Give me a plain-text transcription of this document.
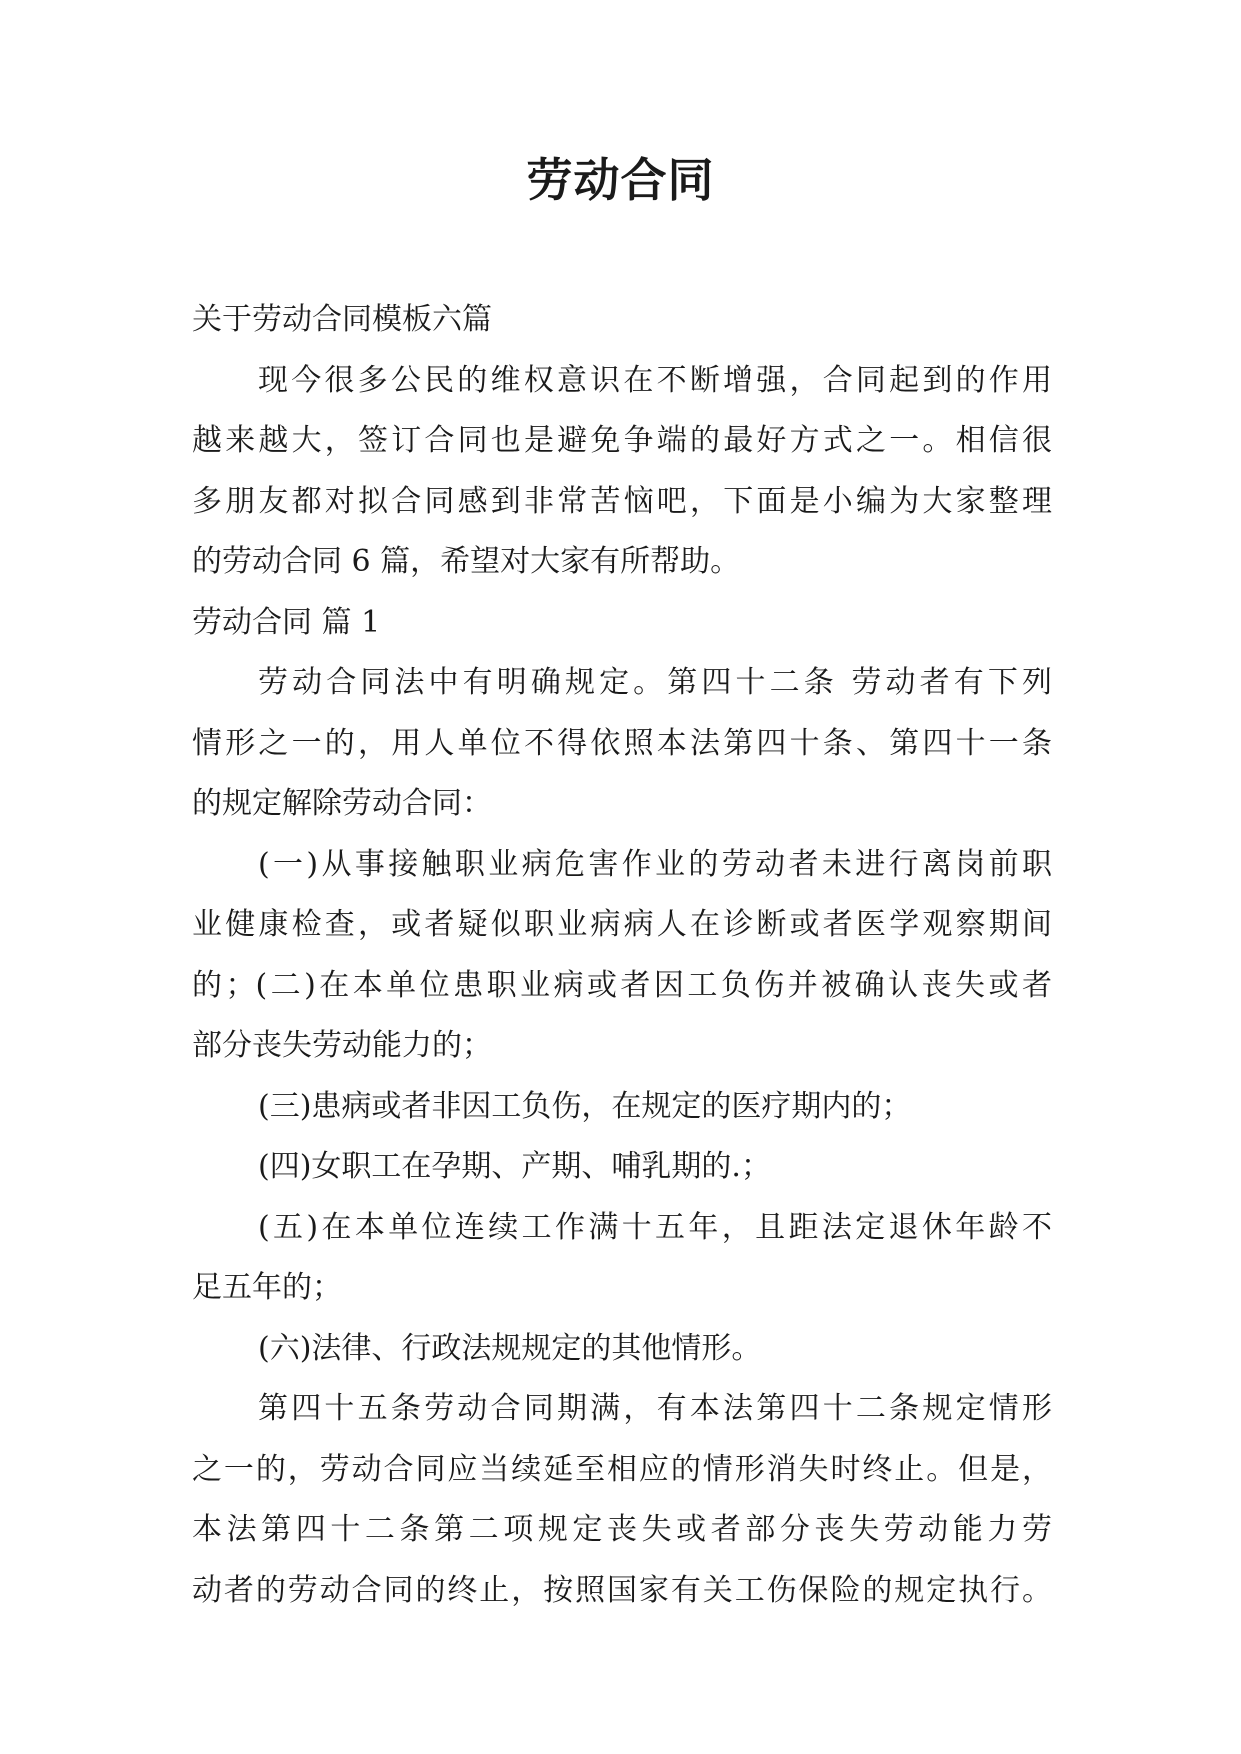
劳动合同

关于劳动合同模板六篇

现今很多公民的维权意识在不断增强，合同起到的作用

越来越大，签订合同也是避免争端的最好方式之一。相信很

多朋友都对拟合同感到非常苦恼吧，下面是小编为大家整理

的劳动合同 6 篇，希望对大家有所帮助。

劳动合同 篇 1

劳动合同法中有明确规定。第四十二条 劳动者有下列

情形之一的，用人单位不得依照本法第四十条、第四十一条

的规定解除劳动合同：

(一)从事接触职业病危害作业的劳动者未进行离岗前职

业健康检查，或者疑似职业病病人在诊断或者医学观察期间

的；(二)在本单位患职业病或者因工负伤并被确认丧失或者

部分丧失劳动能力的；

(三)患病或者非因工负伤，在规定的医疗期内的；

(四)女职工在孕期、产期、哺乳期的.；

(五)在本单位连续工作满十五年，且距法定退休年龄不

足五年的；

(六)法律、行政法规规定的其他情形。

第四十五条劳动合同期满，有本法第四十二条规定情形

之一的，劳动合同应当续延至相应的情形消失时终止。但是，

本法第四十二条第二项规定丧失或者部分丧失劳动能力劳

动者的劳动合同的终止，按照国家有关工伤保险的规定执行。
